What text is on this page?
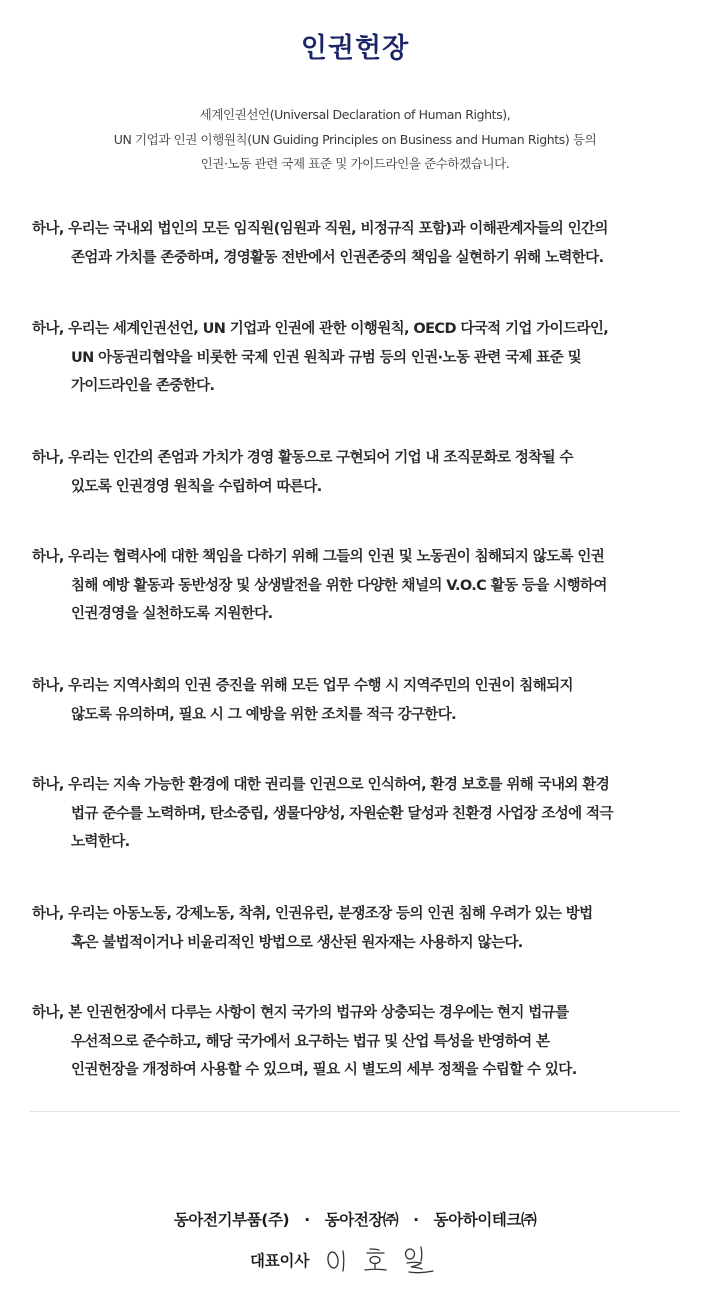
인권헌장
세계인권선언(Universal Declaration of Human Rights),
UN 기업과 인권 이행원칙(UN Guiding Principles on Business and Human Rights) 등의
인권·노동 관련 국제 표준 및 가이드라인을 준수하겠습니다.
하나, 우리는 국내외 법인의 모든 임직원(임원과 직원, 비정규직 포함)과 이해관계자들의 인간의
존엄과 가치를 존중하며, 경영활동 전반에서 인권존중의 책임을 실현하기 위해 노력한다.
하나, 우리는 세계인권선언, UN 기업과 인권에 관한 이행원칙, OECD 다국적 기업 가이드라인,
UN 아동권리협약을 비롯한 국제 인권 원칙과 규범 등의 인권·노동 관련 국제 표준 및
가이드라인을 존중한다.
하나, 우리는 인간의 존엄과 가치가 경영 활동으로 구현되어 기업 내 조직문화로 정착될 수
있도록 인권경영 원칙을 수립하여 따른다.
하나, 우리는 협력사에 대한 책임을 다하기 위해 그들의 인권 및 노동권이 침해되지 않도록 인권
침해 예방 활동과 동반성장 및 상생발전을 위한 다양한 채널의 V.O.C 활동 등을 시행하여
인권경영을 실천하도록 지원한다.
하나, 우리는 지역사회의 인권 증진을 위해 모든 업무 수행 시 지역주민의 인권이 침해되지
않도록 유의하며, 필요 시 그 예방을 위한 조치를 적극 강구한다.
하나, 우리는 지속 가능한 환경에 대한 권리를 인권으로 인식하여, 환경 보호를 위해 국내외 환경
법규 준수를 노력하며, 탄소중립, 생물다양성, 자원순환 달성과 친환경 사업장 조성에 적극
노력한다.
하나, 우리는 아동노동, 강제노동, 착취, 인권유린, 분쟁조장 등의 인권 침해 우려가 있는 방법
혹은 불법적이거나 비윤리적인 방법으로 생산된 원자재는 사용하지 않는다.
하나, 본 인권헌장에서 다루는 사항이 현지 국가의 법규와 상충되는 경우에는 현지 법규를
우선적으로 준수하고, 해당 국가에서 요구하는 법규 및 산업 특성을 반영하여 본
인권헌장을 개정하여 사용할 수 있으며, 필요 시 별도의 세부 정책을 수립할 수 있다.
동아전기부품(주) · 동아전장㈜ · 동아하이테크㈜
대표이사
